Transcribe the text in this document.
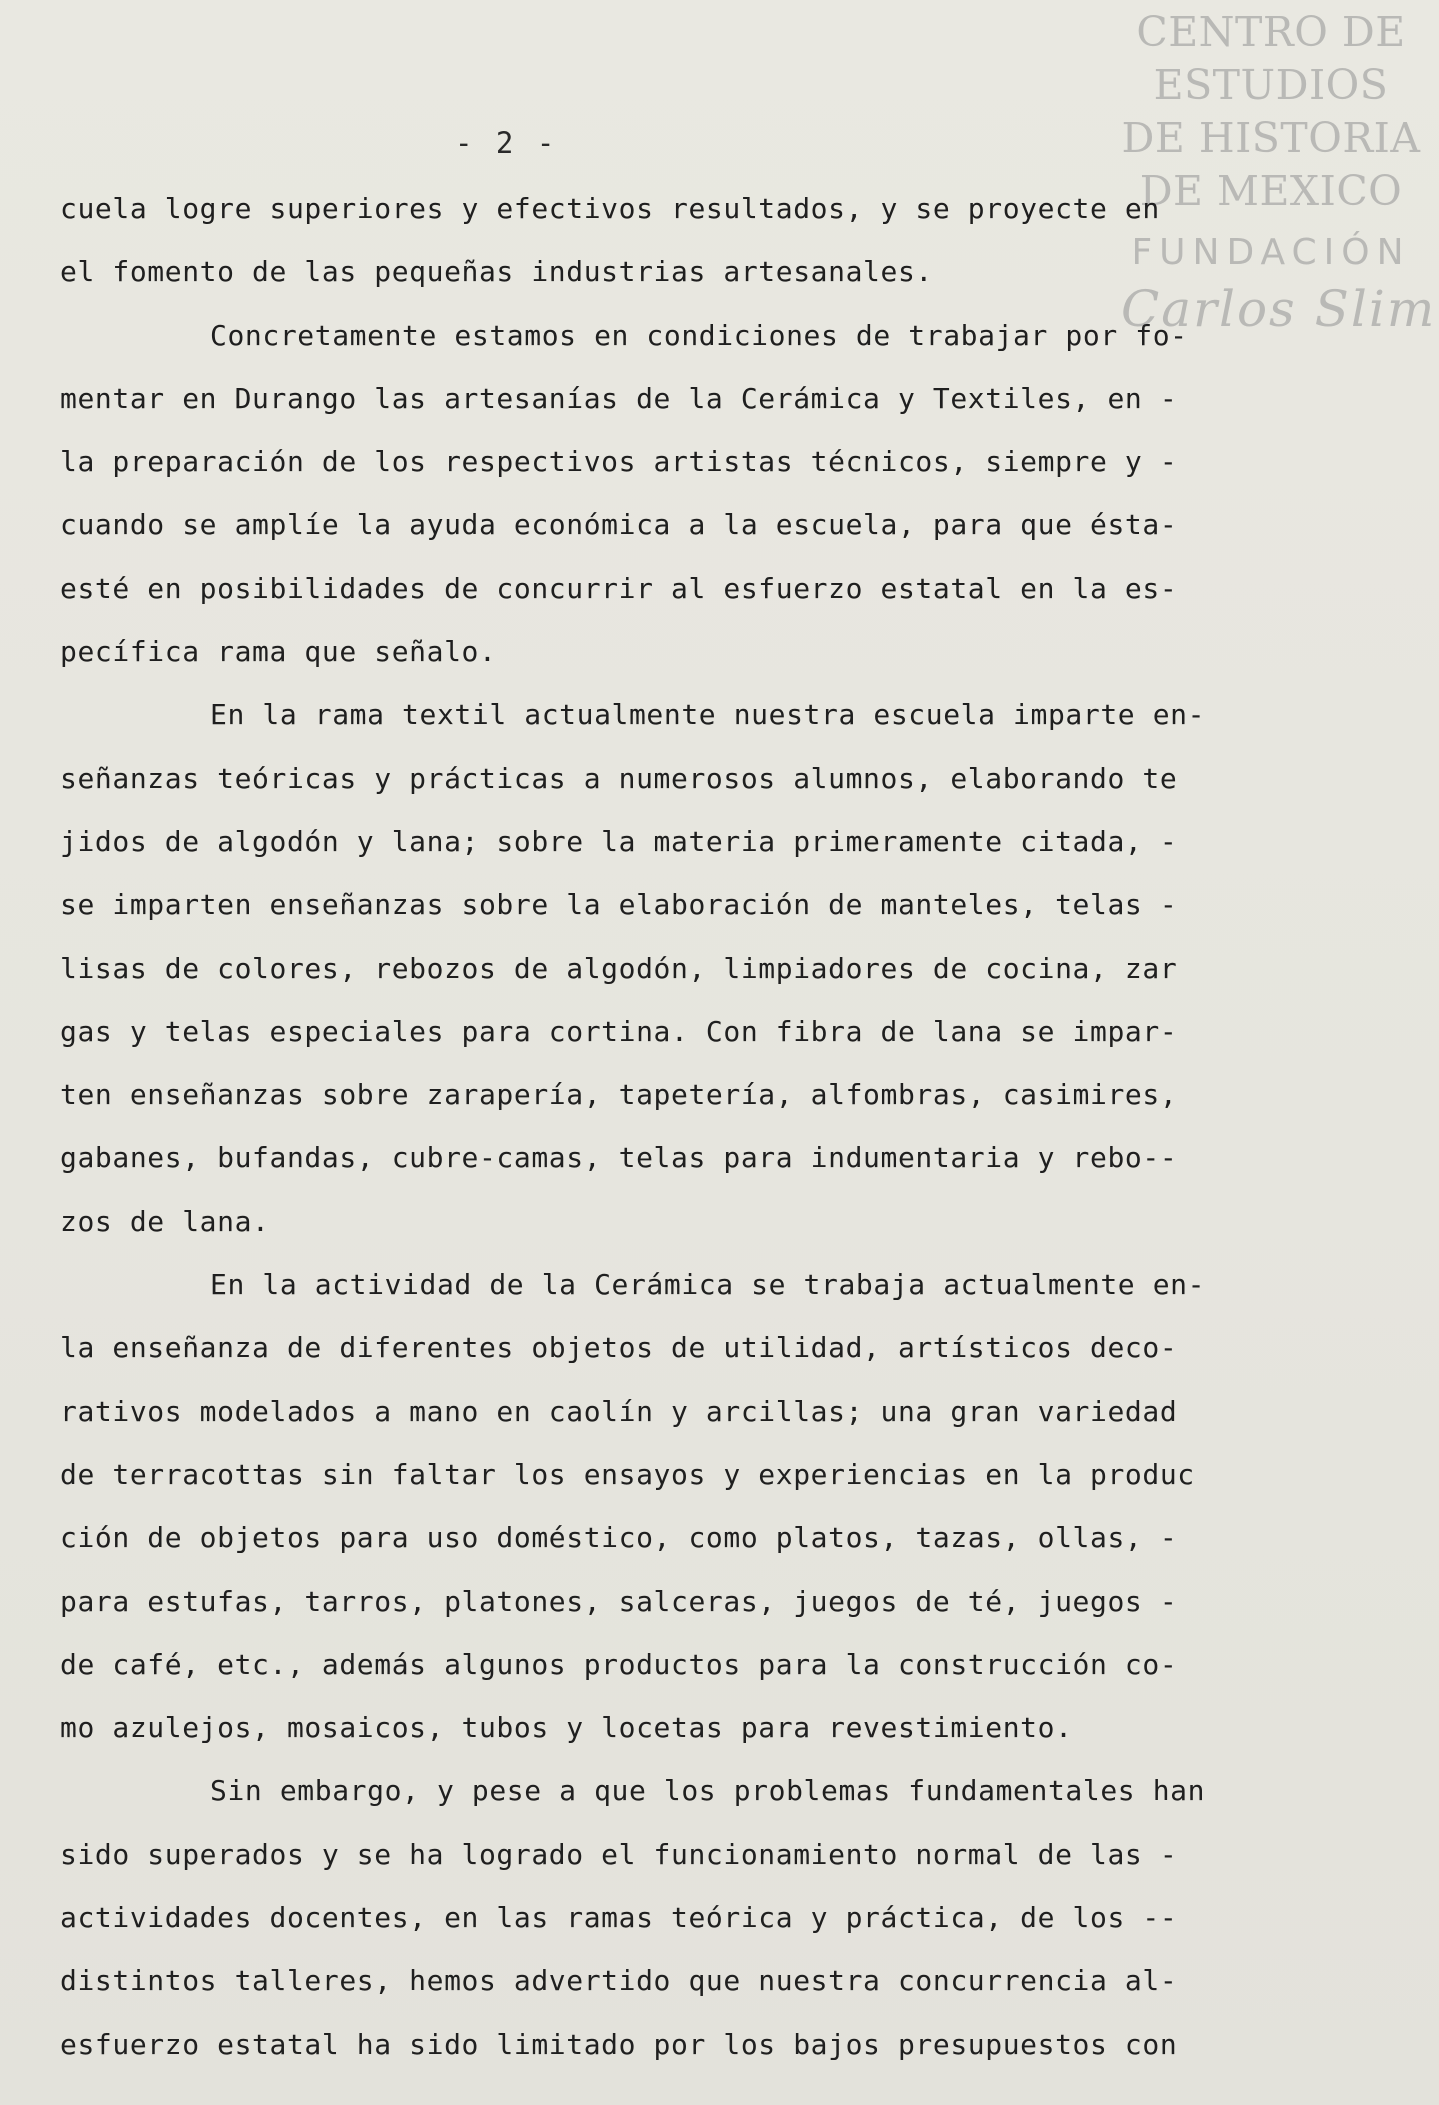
CENTRO DE
ESTUDIOS
DE HISTORIA
DE MEXICO
FUNDACIÓN
Carlos Slim
- 2 -
cuela logre superiores y efectivos resultados, y se proyecte en
el fomento de las pequeñas industrias artesanales.
Concretamente estamos en condiciones de trabajar por fo-
mentar en Durango las artesanías de la Cerámica y Textiles, en -
la preparación de los respectivos artistas técnicos, siempre y -
cuando se amplíe la ayuda económica a la escuela, para que ésta-
esté en posibilidades de concurrir al esfuerzo estatal en la es-
pecífica rama que señalo.
En la rama textil actualmente nuestra escuela imparte en-
señanzas teóricas y prácticas a numerosos alumnos, elaborando te
jidos de algodón y lana; sobre la materia primeramente citada, -
se imparten enseñanzas sobre la elaboración de manteles, telas -
lisas de colores, rebozos de algodón, limpiadores de cocina, zar
gas y telas especiales para cortina. Con fibra de lana se impar-
ten enseñanzas sobre zarapería, tapetería, alfombras, casimires,
gabanes, bufandas, cubre-camas, telas para indumentaria y rebo--
zos de lana.
En la actividad de la Cerámica se trabaja actualmente en-
la enseñanza de diferentes objetos de utilidad, artísticos deco-
rativos modelados a mano en caolín y arcillas; una gran variedad
de terracottas sin faltar los ensayos y experiencias en la produc
ción de objetos para uso doméstico, como platos, tazas, ollas, -
para estufas, tarros, platones, salceras, juegos de té, juegos -
de café, etc., además algunos productos para la construcción co-
mo azulejos, mosaicos, tubos y locetas para revestimiento.
Sin embargo, y pese a que los problemas fundamentales han
sido superados y se ha logrado el funcionamiento normal de las -
actividades docentes, en las ramas teórica y práctica, de los --
distintos talleres, hemos advertido que nuestra concurrencia al-
esfuerzo estatal ha sido limitado por los bajos presupuestos con
